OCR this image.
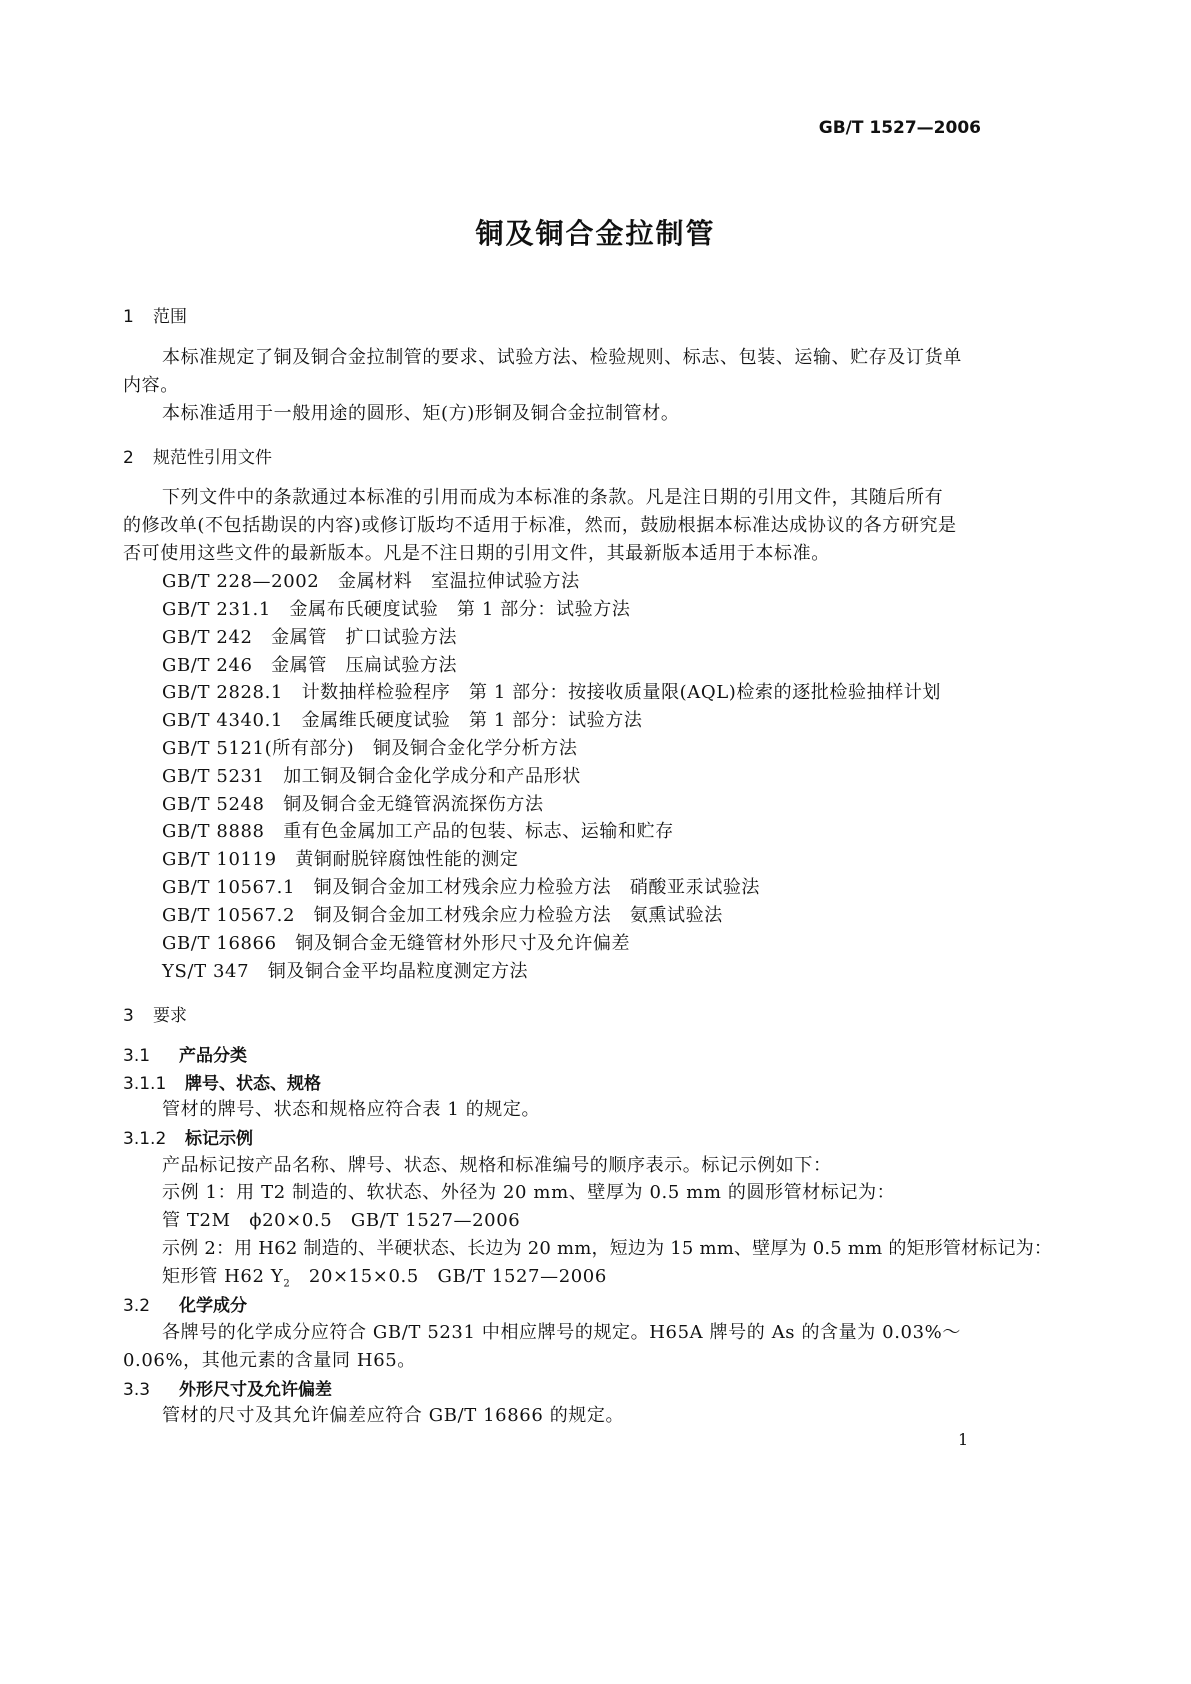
GB/T 1527—2006
铜及铜合金拉制管
1 范围
本标准规定了铜及铜合金拉制管的要求、试验方法、检验规则、标志、包装、运输、贮存及订货单
内容。
本标准适用于一般用途的圆形、矩(方)形铜及铜合金拉制管材。
2 规范性引用文件
下列文件中的条款通过本标准的引用而成为本标准的条款。凡是注日期的引用文件，其随后所有
的修改单(不包括勘误的内容)或修订版均不适用于标准，然而，鼓励根据本标准达成协议的各方研究是
否可使用这些文件的最新版本。凡是不注日期的引用文件，其最新版本适用于本标准。
GB/T 228—2002　金属材料　室温拉伸试验方法
GB/T 231.1　金属布氏硬度试验　第 1 部分：试验方法
GB/T 242　金属管　扩口试验方法
GB/T 246　金属管　压扁试验方法
GB/T 2828.1　计数抽样检验程序　第 1 部分：按接收质量限(AQL)检索的逐批检验抽样计划
GB/T 4340.1　金属维氏硬度试验　第 1 部分：试验方法
GB/T 5121(所有部分)　铜及铜合金化学分析方法
GB/T 5231　加工铜及铜合金化学成分和产品形状
GB/T 5248　铜及铜合金无缝管涡流探伤方法
GB/T 8888　重有色金属加工产品的包装、标志、运输和贮存
GB/T 10119　黄铜耐脱锌腐蚀性能的测定
GB/T 10567.1　铜及铜合金加工材残余应力检验方法　硝酸亚汞试验法
GB/T 10567.2　铜及铜合金加工材残余应力检验方法　氨熏试验法
GB/T 16866　铜及铜合金无缝管材外形尺寸及允许偏差
YS/T 347　铜及铜合金平均晶粒度测定方法
3 要求
3.1 产品分类
3.1.1 牌号、状态、规格
管材的牌号、状态和规格应符合表 1 的规定。
3.1.2 标记示例
产品标记按产品名称、牌号、状态、规格和标准编号的顺序表示。标记示例如下：
示例 1：用 T2 制造的、软状态、外径为 20 mm、壁厚为 0.5 mm 的圆形管材标记为：
管 T2M　ϕ20×0.5　GB/T 1527—2006
示例 2：用 H62 制造的、半硬状态、长边为 20 mm，短边为 15 mm、壁厚为 0.5 mm 的矩形管材标记为：
矩形管 H62 $Y_2$　20×15×0.5　GB/T 1527—2006
3.2 化学成分
各牌号的化学成分应符合 GB/T 5231 中相应牌号的规定。H65A 牌号的 As 的含量为 0.03%～
0.06%，其他元素的含量同 H65。
3.3 外形尺寸及允许偏差
管材的尺寸及其允许偏差应符合 GB/T 16866 的规定。
1
